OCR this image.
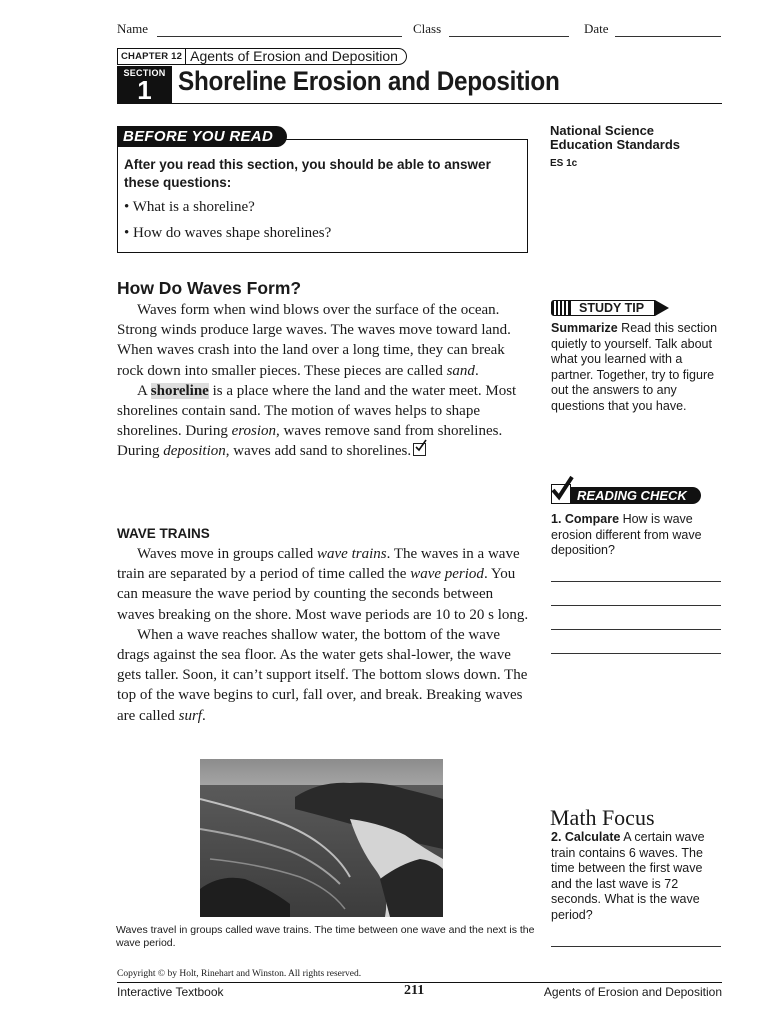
Name	Class	Date
CHAPTER 12 Agents of Erosion and Deposition
SECTION
1 Shoreline Erosion and Deposition
BEFORE YOU READ
After you read this section, you should be able to answer these questions:
• What is a shoreline?
• How do waves shape shorelines?
National Science Education Standards
ES 1c
How Do Waves Form?

Waves form when wind blows over the surface of the ocean. Strong winds produce large waves. The waves move toward land. When waves crash into the land over a long time, they can break rock down into smaller pieces. These pieces are called sand.

A shoreline is a place where the land and the water meet. Most shorelines contain sand. The motion of waves helps to shape shorelines. During erosion, waves remove sand from shorelines. During deposition, waves add sand to shorelines.

WAVE TRAINS

Waves move in groups called wave trains. The waves in a wave train are separated by a period of time called the wave period. You can measure the wave period by counting the seconds between waves breaking on the shore. Most wave periods are 10 to 20 s long.

When a wave reaches shallow water, the bottom of the wave drags against the sea floor. As the water gets shal-lower, the wave gets taller. Soon, it can’t support itself. The bottom slows down. The top of the wave begins to curl, fall over, and break. Breaking waves are called surf.

Waves travel in groups called wave trains. The time between one wave and the next is the wave period.
STUDY TIP
Summarize Read this section quietly to yourself. Talk about what you learned with a partner. Together, try to figure out the answers to any questions that you have.
READING CHECK
1. Compare How is wave erosion different from wave deposition?
Math Focus
2. Calculate A certain wave train contains 6 waves. The time between the first wave and the last wave is 72 seconds. What is the wave period?
Copyright © by Holt, Rinehart and Winston. All rights reserved.
Interactive Textbook	211	Agents of Erosion and Deposition
